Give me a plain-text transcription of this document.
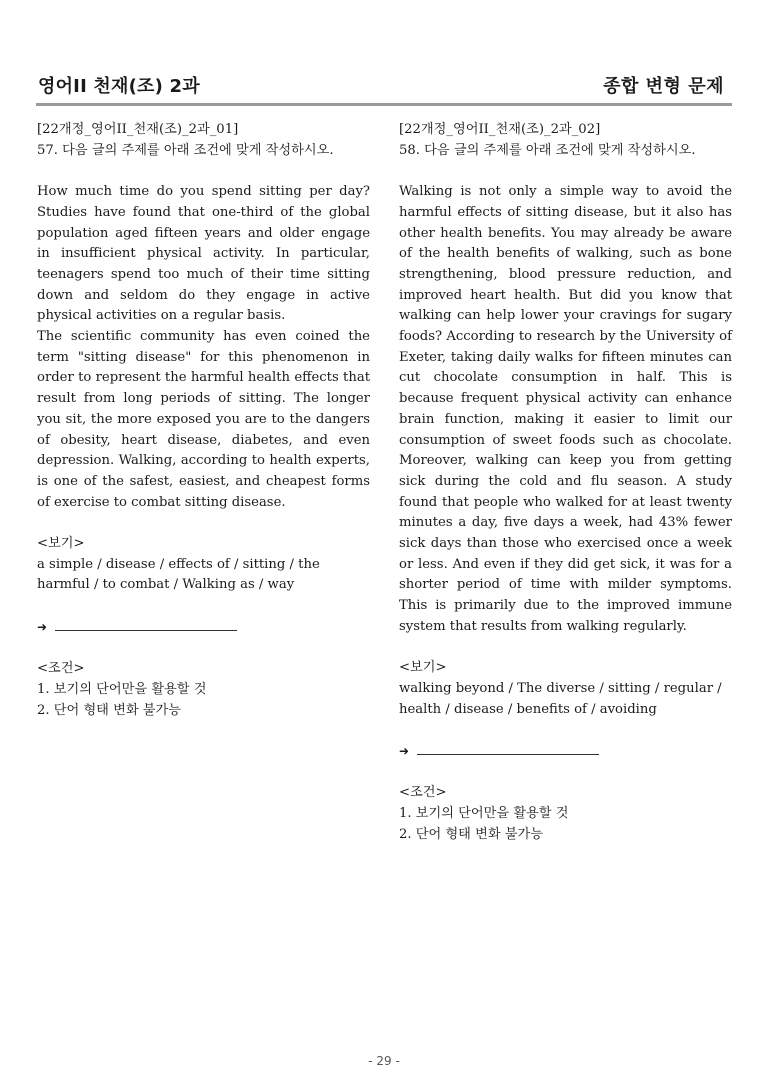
영어II 천재(조) 2과	종합 변형 문제
[22개정_영어II_천재(조)_2과_01]
57. 다음 글의 주제를 아래 조건에 맞게 작성하시오.

How much time do you spend sitting per day? Studies have found that one-third of the global population aged fifteen years and older engage in insufficient physical activity. In particular, teenagers spend too much of their time sitting down and seldom do they engage in active physical activities on a regular basis.

The scientific community has even coined the term "sitting disease" for this phenomenon in order to represent the harmful health effects that result from long periods of sitting. The longer you sit, the more exposed you are to the dangers of obesity, heart disease, diabetes, and even depression. Walking, according to health experts, is one of the safest, easiest, and cheapest forms of exercise to combat sitting disease.

<보기>
a simple / disease / effects of / sitting / the
harmful / to combat / Walking as / way
➜
<조건>
1. 보기의 단어만을 활용할 것
2. 단어 형태 변화 불가능
[22개정_영어II_천재(조)_2과_02]
58. 다음 글의 주제를 아래 조건에 맞게 작성하시오.

Walking is not only a simple way to avoid the harmful effects of sitting disease, but it also has other health benefits. You may already be aware of the health benefits of walking, such as bone strengthening, blood pressure reduction, and improved heart health. But did you know that walking can help lower your cravings for sugary foods? According to research by the University of Exeter, taking daily walks for fifteen minutes can cut chocolate consumption in half. This is because frequent physical activity can enhance brain function, making it easier to limit our consumption of sweet foods such as chocolate. Moreover, walking can keep you from getting sick during the cold and flu season. A study found that people who walked for at least twenty minutes a day, five days a week, had 43% fewer sick days than those who exercised once a week or less. And even if they did get sick, it was for a shorter period of time with milder symptoms. This is primarily due to the improved immune system that results from walking regularly.

<보기>
walking beyond / The diverse / sitting / regular /
health / disease / benefits of / avoiding
➜
<조건>
1. 보기의 단어만을 활용할 것
2. 단어 형태 변화 불가능
- 29 -
